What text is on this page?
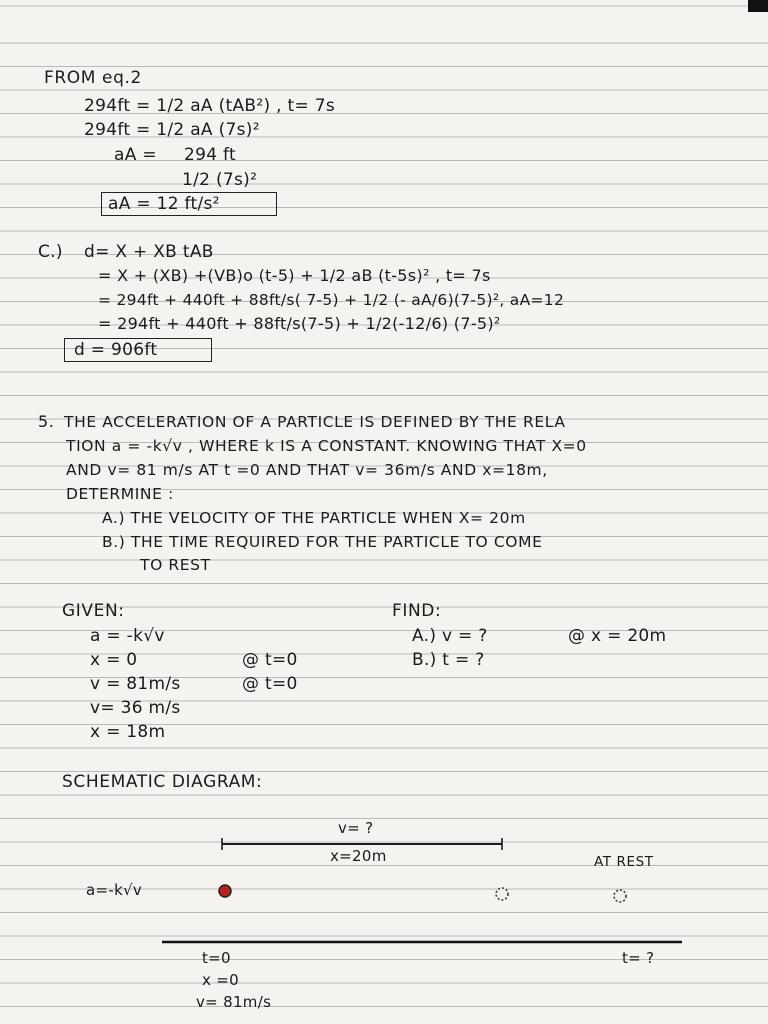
FROM eq.2
294ft = 1/2 aA (tAB²) , t= 7s
294ft = 1/2 aA (7s)²
aA = 294 ft
1/2 (7s)²
aA = 12 ft/s²
C.) d= X + XB tAB
= X + (XB) +(VB)o (t-5) + 1/2 aB (t-5s)² , t= 7s
= 294ft + 440ft + 88ft/s( 7-5) + 1/2 (- aA/6)(7-5)², aA=12
= 294ft + 440ft + 88ft/s(7-5) + 1/2(-12/6) (7-5)²
d = 906ft
5. THE ACCELERATION OF A PARTICLE IS DEFINED BY THE RELA
TION a = -k√v , WHERE k IS A CONSTANT. KNOWING THAT X=0
AND v= 81 m/s AT t =0 AND THAT v= 36m/s AND x=18m,
DETERMINE :
A.) THE VELOCITY OF THE PARTICLE WHEN X= 20m
B.) THE TIME REQUIRED FOR THE PARTICLE TO COME
TO REST
GIVEN:
a = -k√v
x = 0	@ t=0
v = 81m/s	@ t=0
v= 36 m/s
x = 18m
FIND:
A.) v = ?	@ x = 20m
B.) t = ?
SCHEMATIC DIAGRAM:
v= ?
x=20m	AT REST
a=-k√v
t= ?
t=0
x =0
v= 81m/s
